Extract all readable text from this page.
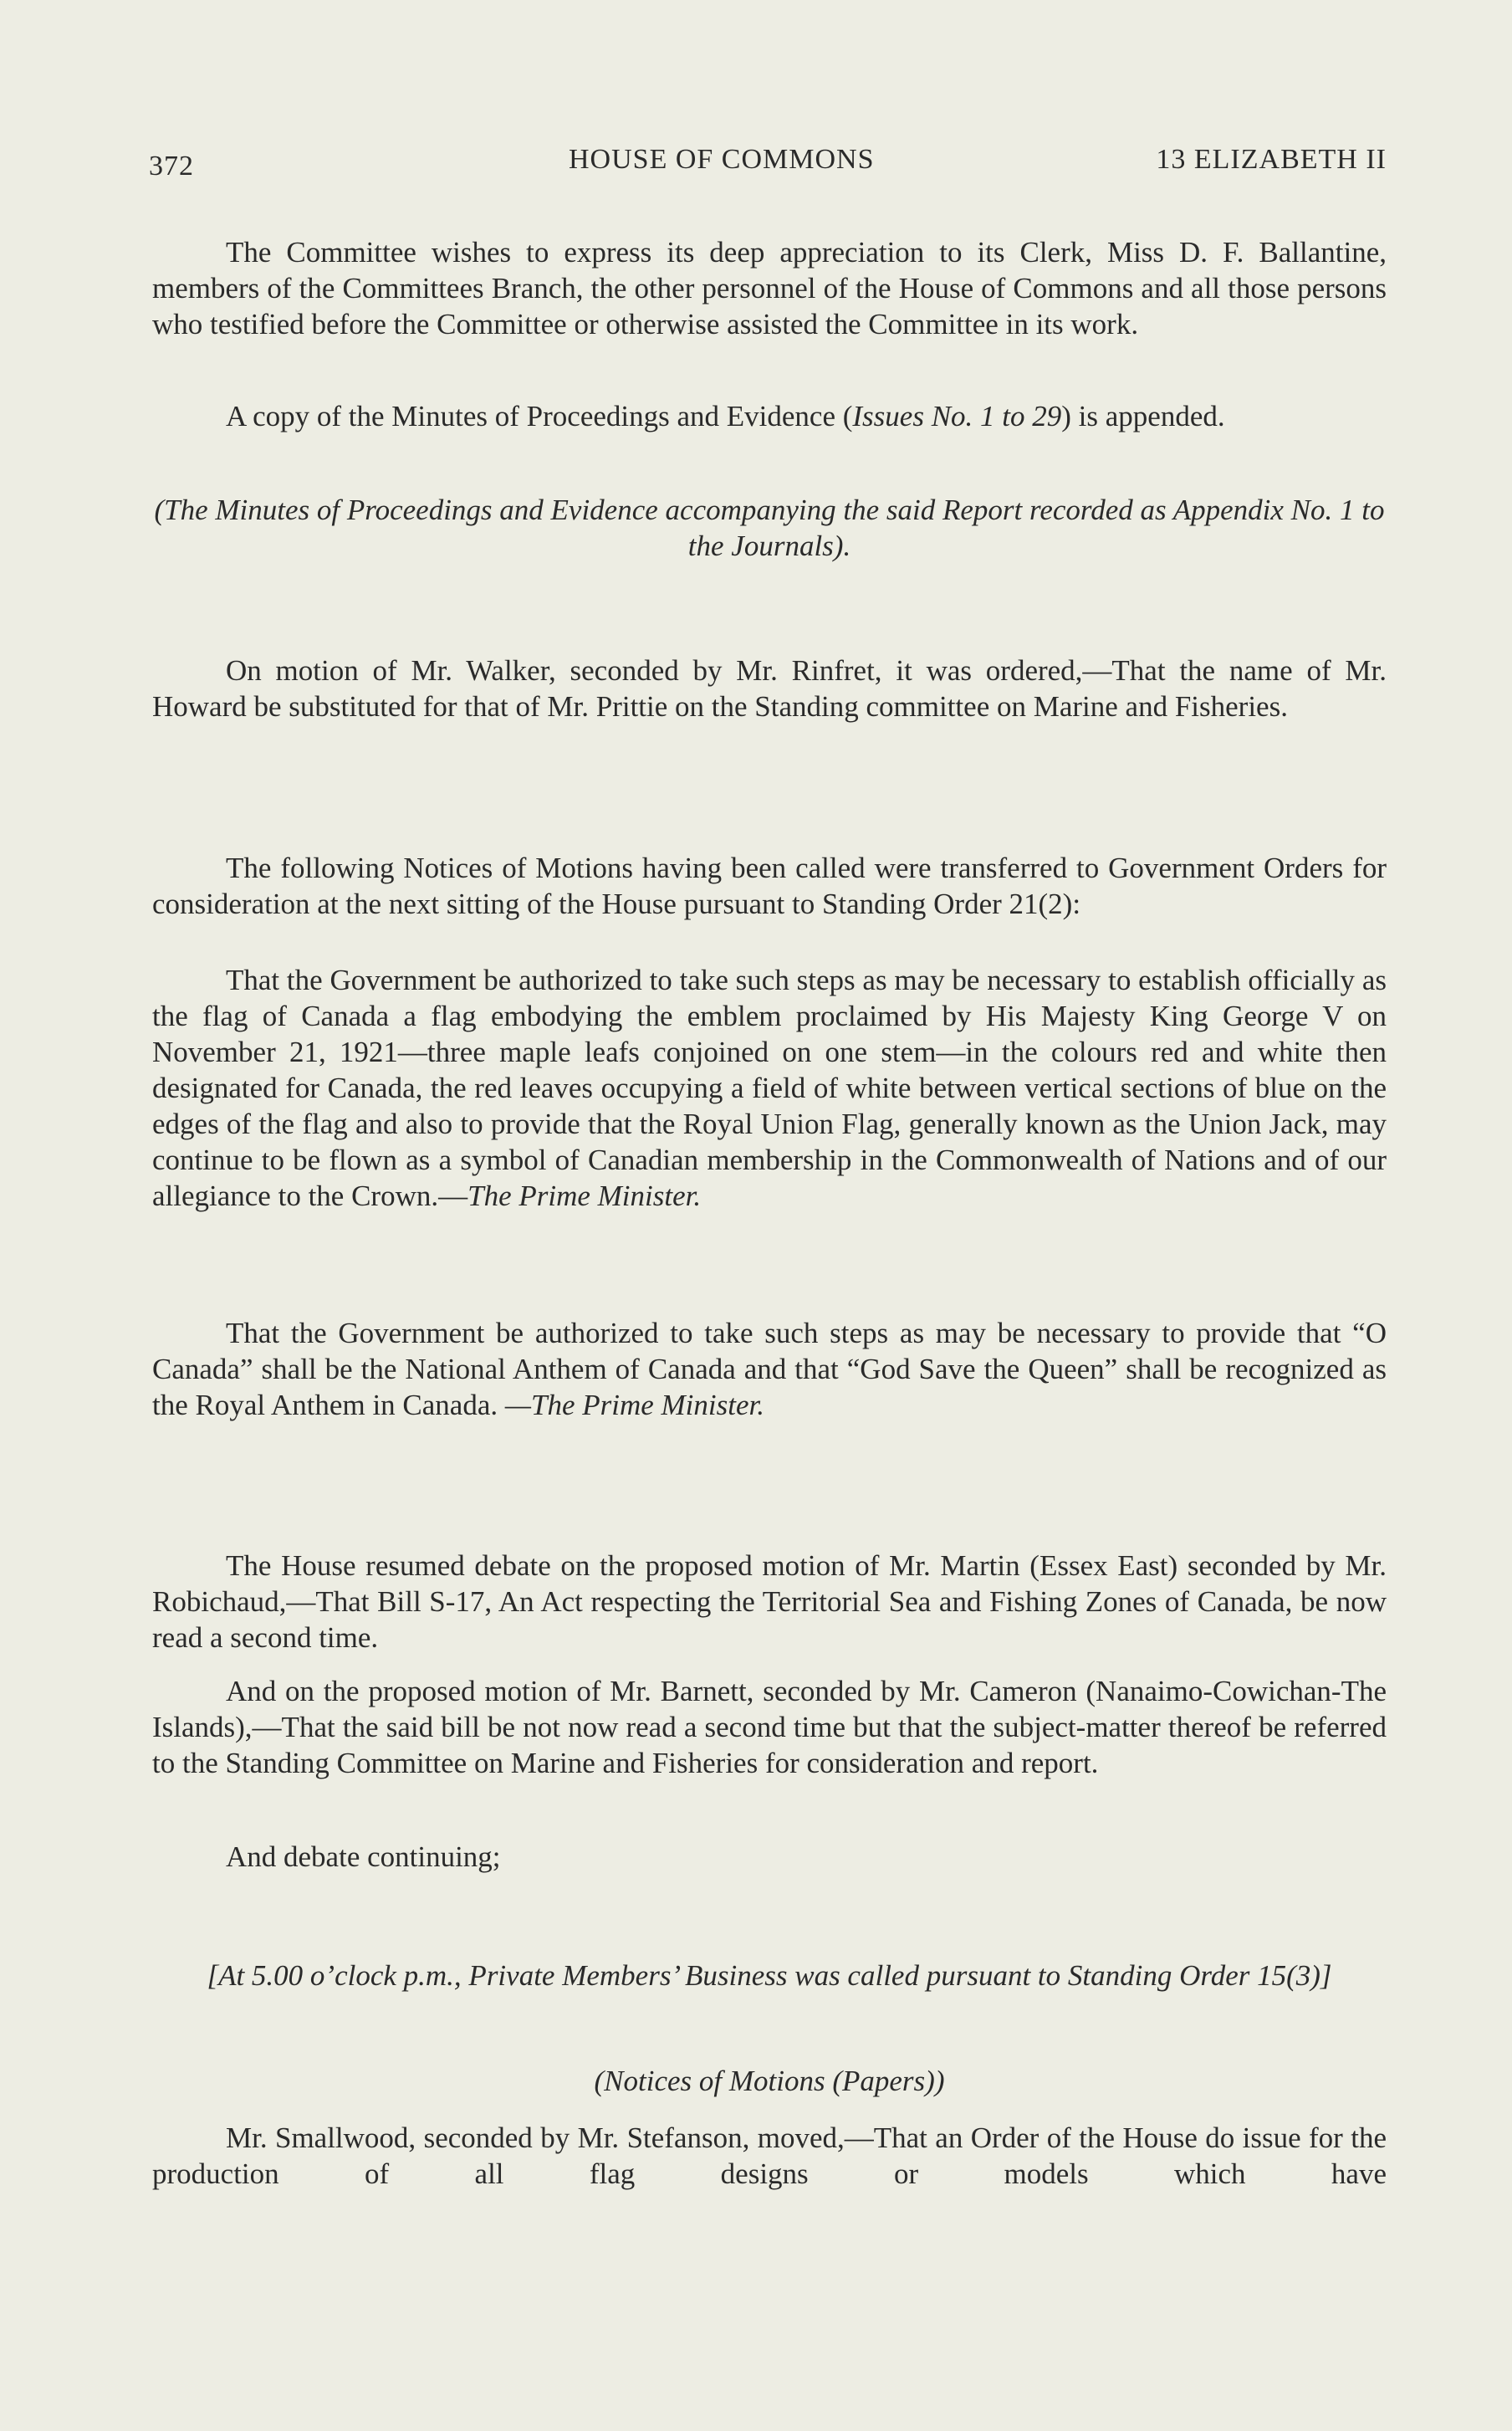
372	HOUSE OF COMMONS	13 ELIZABETH II

The Committee wishes to express its deep appreciation to its Clerk, Miss D. F. Ballantine, members of the Committees Branch, the other personnel of the House of Commons and all those persons who testified before the Committee or otherwise assisted the Committee in its work.

A copy of the Minutes of Proceedings and Evidence (Issues No. 1 to 29) is appended.

(The Minutes of Proceedings and Evidence accompanying the said Report recorded as Appendix No. 1 to the Journals).

On motion of Mr. Walker, seconded by Mr. Rinfret, it was ordered,—That the name of Mr. Howard be substituted for that of Mr. Prittie on the Standing committee on Marine and Fisheries.

The following Notices of Motions having been called were transferred to Government Orders for consideration at the next sitting of the House pursuant to Standing Order 21(2):

That the Government be authorized to take such steps as may be necessary to establish officially as the flag of Canada a flag embodying the emblem proclaimed by His Majesty King George V on November 21, 1921—three maple leafs conjoined on one stem—in the colours red and white then designated for Canada, the red leaves occupying a field of white between vertical sections of blue on the edges of the flag and also to provide that the Royal Union Flag, generally known as the Union Jack, may continue to be flown as a symbol of Canadian membership in the Commonwealth of Nations and of our allegiance to the Crown.—The Prime Minister.

That the Government be authorized to take such steps as may be necessary to provide that “O Canada” shall be the National Anthem of Canada and that “God Save the Queen” shall be recognized as the Royal Anthem in Canada. —The Prime Minister.

The House resumed debate on the proposed motion of Mr. Martin (Essex East) seconded by Mr. Robichaud,—That Bill S-17, An Act respecting the Territorial Sea and Fishing Zones of Canada, be now read a second time.

And on the proposed motion of Mr. Barnett, seconded by Mr. Cameron (Nanaimo-Cowichan-The Islands),—That the said bill be not now read a second time but that the subject-matter thereof be referred to the Standing Committee on Marine and Fisheries for consideration and report.

And debate continuing;

[At 5.00 o’clock p.m., Private Members’ Business was called pursuant to Standing Order 15(3)]

(Notices of Motions (Papers))

Mr. Smallwood, seconded by Mr. Stefanson, moved,—That an Order of the House do issue for the production of all flag designs or models which have
